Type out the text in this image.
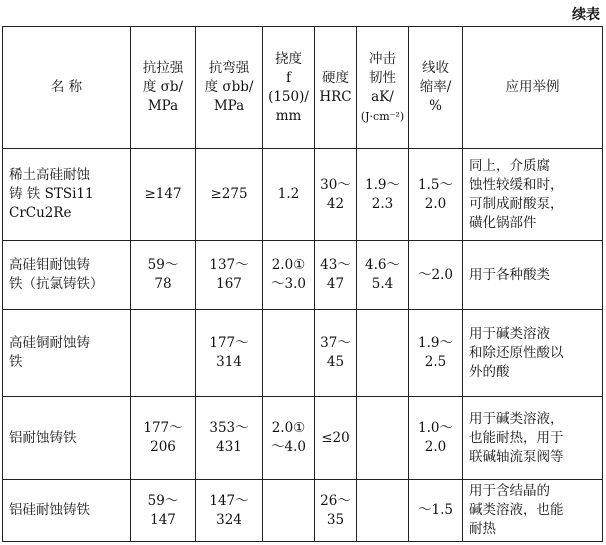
续表
名 称	抗拉强
度 σb/
MPa	抗弯强
度 σbb/
MPa	挠度
f
(150)/
mm	硬度
HRC	冲击
韧性
aK/
(J·cm⁻²)	线收
缩率/
%	应用举例

稀土高硅耐蚀
铸 铁 STSi11
CrCu2Re	≥147	≥275	1.2	30～
42	1.9～
2.3	1.5～
2.0	同上，介质腐
蚀性较缓和时，
可制成耐酸泵，
磺化锅部件

高硅钼耐蚀铸
铁（抗氯铸铁）	59～
78	137～
167	2.0①
～3.0	43～
47	4.6～
5.4	～2.0	用于各种酸类

高硅铜耐蚀铸
铁		177～
314		37～
45		1.9～
2.5	用于碱类溶液
和除还原性酸以
外的酸

铝耐蚀铸铁	177～
206	353～
431	2.0①
～4.0	≤20		1.0～
2.0	用于碱类溶液，
也能耐热，用于
联碱轴流泵阀等

铝硅耐蚀铸铁	59～
147	147～
324		26～
35		～1.5	用于含结晶的
碱类溶液，也能
耐热
